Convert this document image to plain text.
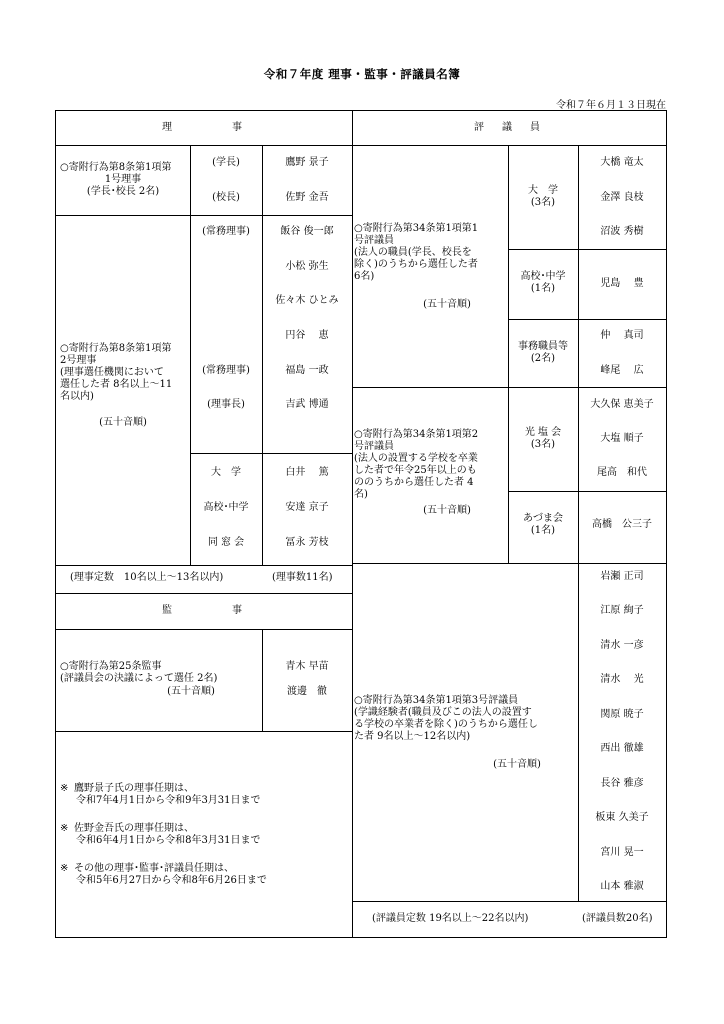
令和７年度 理事・監事・評議員名簿
令和７年６月１３日現在
理　　　　事	評　議　員
○寄附行為第8条第1項第
1号理事
(学長･校長 2名)
(学長)	鷹野 景子
(校長)	佐野 金吾
○寄附行為第8条第1項第
2号理事
(理事選任機関において
選任した者 8名以上～11
名以内)
(五十音順)
(常務理事)	飯谷 俊一郎
小松 弥生
佐々木 ひとみ
円谷　 恵
(常務理事)	福島 一政
(理事長)	吉武 博通
大　学	白井　 篤
高校･中学	安達 京子
同 窓 会	冨永 芳枝
(理事定数　10名以上～13名以内)	(理事数11名)
監　　　　事
○寄附行為第25条監事
(評議員会の決議によって選任 2名)
(五十音順)
青木 早苗
渡邊　徹
※ 鷹野景子氏の理事任期は、
令和7年4月1日から令和9年3月31日まで
※ 佐野金吾氏の理事任期は、
令和6年4月1日から令和8年3月31日まで
※ その他の理事･監事･評議員任期は、
令和5年6月27日から令和8年6月26日まで
○寄附行為第34条第1項第1
号評議員
(法人の職員(学長、校長を
除く)のうちから選任した者
6名)
(五十音順)
大　学
(3名)
大橋 竜太
金澤 良枝
沼波 秀樹
高校･中学
(1名)	児島　 豊
事務職員等
(2名)
仲　 真司
峰尾　 広
○寄附行為第34条第1項第2
号評議員
(法人の設置する学校を卒業
した者で年令25年以上のも
ののうちから選任した者 4
名)
(五十音順)
光 塩 会
(3名)
大久保 恵美子
大塩 順子
尾高　和代
あづま会
(1名)
高橋　公三子
○寄附行為第34条第1項第3号評議員
(学識経験者(職員及びこの法人の設置す
る学校の卒業者を除く)のうちから選任し
た者 9名以上～12名以内)
(五十音順)
岩瀬 正司
江原 絢子
清水 一彦
清水　 光
関原 暁子
西出 徹雄
長谷 雅彦
板東 久美子
宮川 晃一
山本 雅淑
(評議員定数 19名以上～22名以内)	(評議員数20名)
